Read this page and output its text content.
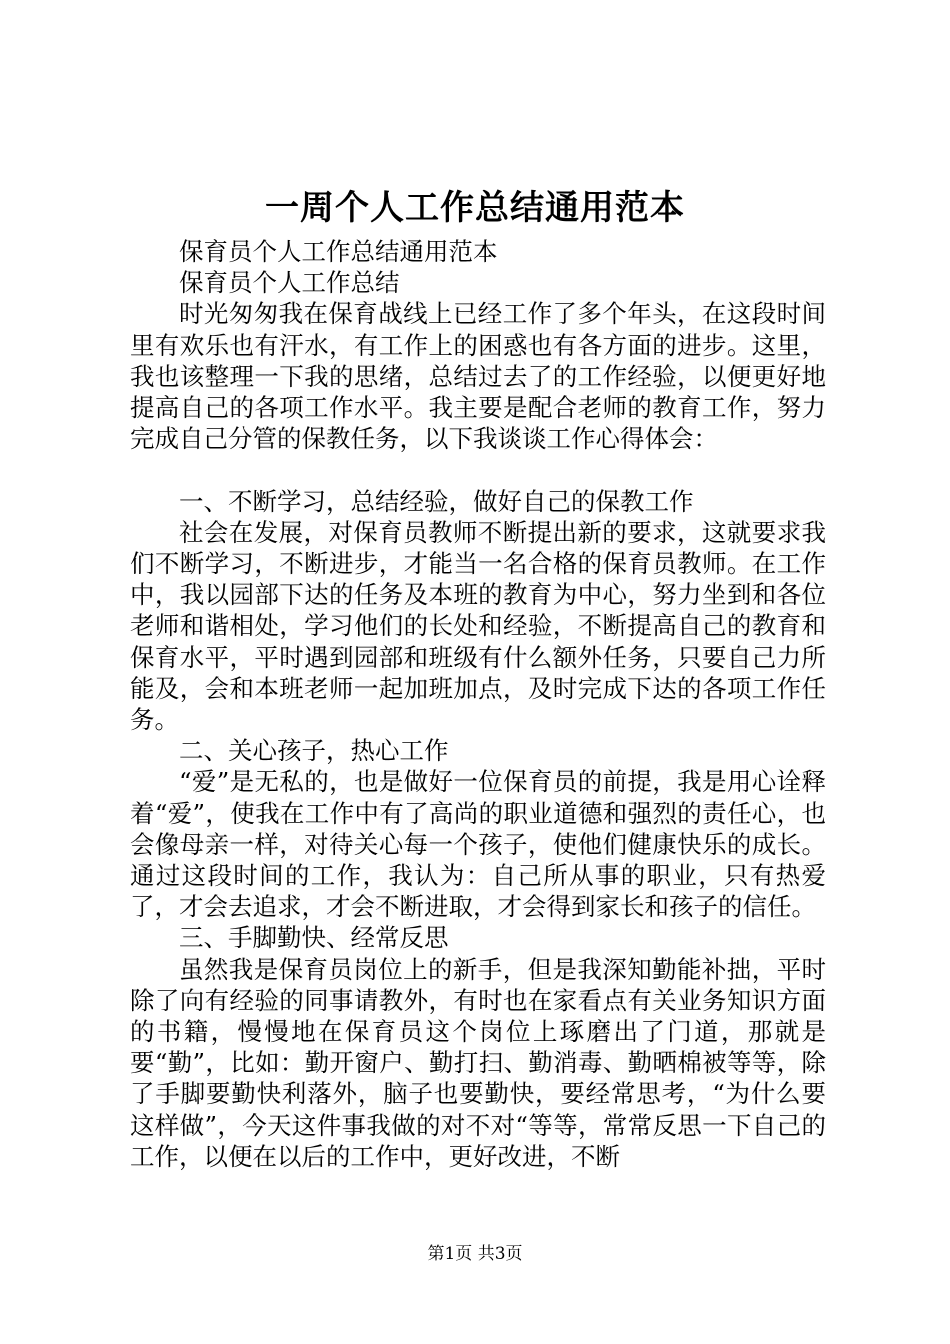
一周个人工作总结通用范本

保育员个人工作总结通用范本

保育员个人工作总结

时光匆匆我在保育战线上已经工作了多个年头，在这段时间里有欢乐也有汗水，有工作上的困惑也有各方面的进步。这里，我也该整理一下我的思绪，总结过去了的工作经验，以便更好地提高自己的各项工作水平。我主要是配合老师的教育工作，努力完成自己分管的保教任务，以下我谈谈工作心得体会：

一、不断学习，总结经验，做好自己的保教工作

社会在发展，对保育员教师不断提出新的要求，这就要求我们不断学习，不断进步，才能当一名合格的保育员教师。在工作中，我以园部下达的任务及本班的教育为中心，努力坐到和各位老师和谐相处，学习他们的长处和经验，不断提高自己的教育和保育水平，平时遇到园部和班级有什么额外任务，只要自己力所能及，会和本班老师一起加班加点，及时完成下达的各项工作任务。

二、关心孩子，热心工作

“爱”是无私的，也是做好一位保育员的前提，我是用心诠释着“爱”，使我在工作中有了高尚的职业道德和强烈的责任心，也会像母亲一样，对待关心每一个孩子，使他们健康快乐的成长。通过这段时间的工作，我认为：自己所从事的职业，只有热爱了，才会去追求，才会不断进取，才会得到家长和孩子的信任。

三、手脚勤快、经常反思

虽然我是保育员岗位上的新手，但是我深知勤能补拙，平时除了向有经验的同事请教外，有时也在家看点有关业务知识方面的书籍，慢慢地在保育员这个岗位上琢磨出了门道，那就是要“勤”，比如：勤开窗户、勤打扫、勤消毒、勤晒棉被等等，除了手脚要勤快利落外，脑子也要勤快，要经常思考，“为什么要这样做”，今天这件事我做的对不对“等等，常常反思一下自己的工作，以便在以后的工作中，更好改进，不断

第1页 共3页
